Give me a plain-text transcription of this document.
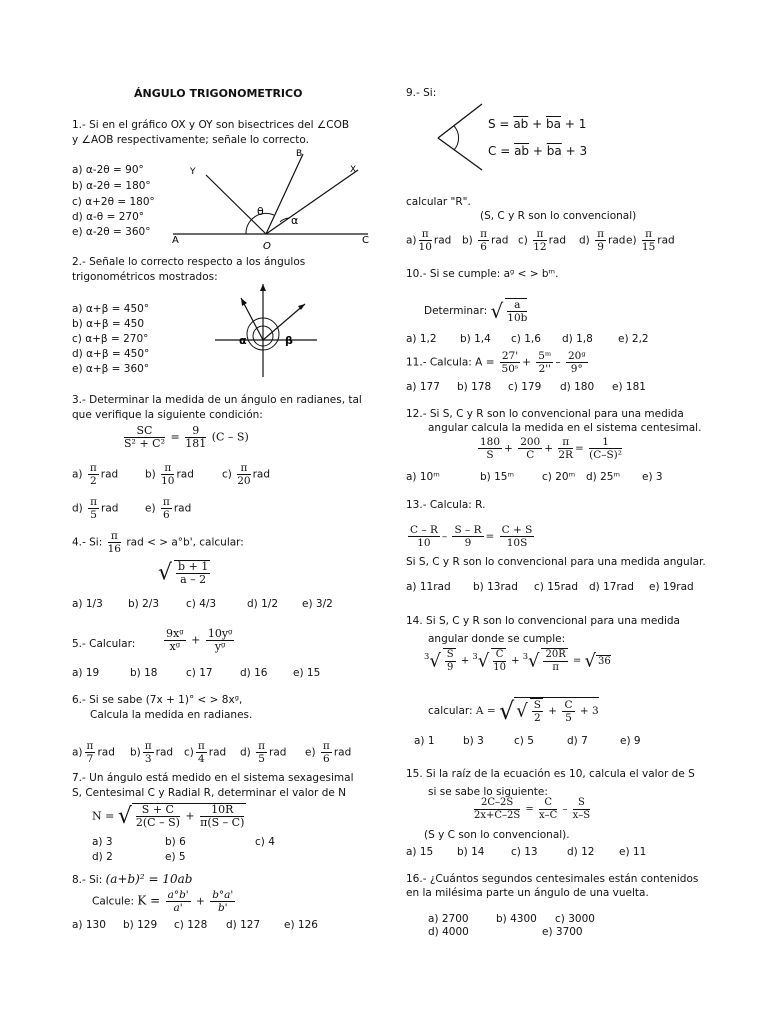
ÁNGULO TRIGONOMETRICO
1.- Si en el gráfico OX y OY son bisectrices del ∠COB
y ∠AOB respectivamente; señale lo correcto.
a) α-2θ = 90°
b) α-2θ = 180°
c) α+2θ = 180°
d) α-θ = 270°
e) α-2θ = 360°
A	C
O
B
X
Y
θ
α
2.- Señale lo correcto respecto a los ángulos
trigonométricos mostrados:
a) α+β = 450°
b) α+β = 450
c) α+β = 270°
d) α+β = 450°
e) α+β = 360°
α	β
3.- Determinar la medida de un ángulo en radianes, tal
que verifique la siguiente condición:
$\frac{SC}{\text{S² + C²}} = \frac{9}{181} (C - S)$
$a) \frac{\pi}{2}$ rad	$b) \frac{\pi}{10}$ rad	$c) \frac{\pi}{20}$ rad
$d) \frac{\pi}{5}$ rad	$e) \frac{\pi}{6}$ rad
4.- Si: $\frac{\pi}{16}$ rad < > a°b', calcular:
√ $\frac{b + 1}{a - 2}$
a) 1/3 b) 2/3	c) 4/3	d) 1/2 e) 3/2
5.- Calcular:	$\frac{\text{9xᵍ}}{\text{xᵍ}} + \frac{\text{10yᵍ}}{\text{yᵍ}}$
a) 19	b) 18	c) 17	d) 16 e) 15
6.- Si se sabe (7x + 1)° < > 8xᵍ,
Calcula la medida en radianes.
$a) \frac{\pi}{7}$ rad $b) \frac{\pi}{3}$ rad $c) \frac{\pi}{4}$ rad $d) \frac{\pi}{5}$ rad $e) \frac{\pi}{6}$ rad
7.- Un ángulo está medido en el sistema sexagesimal
S, Centesimal C y Radial R, determinar el valor de N
N = √ $\frac{S + C}{2(C - S)} + \frac{10R}{\pi(S - C)}$
a) 3	b) 6	c) 4
d) 2	e) 5
8.- Si: (a+b)² = 10ab
Calcule: $K = \frac{a^\circ b'}{a'} + \frac{b^\circ a'}{b'}$
a) 130 b) 129 c) 128 d) 127 e) 126
9.- Si:
$S = \overline{ab} + \overline{ba} + 1$
$C = \overline{ab} + \overline{ba} + 3$
calcular "R".
(S, C y R son lo convencional)
$a) \frac{\pi}{10}$ rad $b) \frac{\pi}{6}$ rad $c) \frac{\pi}{12}$ rad $d) \frac{\pi}{9}$ rad $e) \frac{\pi}{15}$ rad
10.- Si se cumple: aᵍ < > bᵐ.
Determinar: √ $\frac{a}{10b}$
a) 1,2 b) 1,4 c) 1,6 d) 1,8 e) 2,2
11.- Calcula: $A = \frac{27'}{\text{50ˢ}} + \frac{\text{5ᵐ}}{2''} - \frac{\text{20ᵍ}}{9^\circ}$
a) 177 b) 178 c) 179 d) 180 e) 181
12.- Si S, C y R son lo convencional para una medida
angular calcula la medida en el sistema centesimal.
$\frac{180}{S} + \frac{200}{C} + \frac{\pi}{2R} = \frac{1}{\text{(C–S)²}}$
a) 10ᵐ	b) 15ᵐ	c) 20ᵐ d) 25ᵐ e) 3
13.- Calcula: R.
$\frac{C - R}{10} - \frac{S - R}{9} = \frac{C + S}{10S}$
Si S, C y R son lo convencional para una medida angular.
a) 11rad b) 13rad c) 15rad d) 17rad e) 19rad
14. Si S, C y R son lo convencional para una medida
angular donde se cumple:
$^3√ \frac{S}{9} + ^3√ \frac{C}{10} + ^3√ \frac{20R}{\pi}$ = √ 36
calcular: A = √ √ $\frac{S}{2} + \frac{C}{5} + 3$
a) 1	b) 3	c) 5	d) 7	e) 9
15. Si la raíz de la ecuación es 10, calcula el valor de S
si se sabe lo siguiente:
$\frac{2C-2S}{2x+C-2S} = \frac{C}{x-C} - \frac{S}{x-S}$
(S y C son lo convencional).
a) 15 b) 14	c) 13	d) 12 e) 11
16.- ¿Cuántos segundos centesimales están contenidos
en la milésima parte un ángulo de una vuelta.
a) 2700	b) 4300 c) 3000
d) 4000	e) 3700
